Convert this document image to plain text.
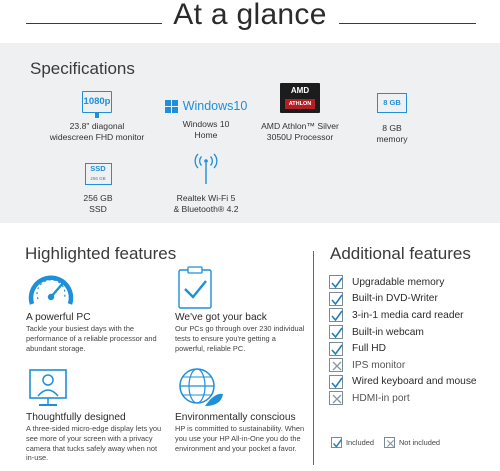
At a glance
Specifications
1080p
23.8" diagonal
widescreen FHD monitor
Windows10
Windows 10
Home
AMD
ATHLON
AMD Athlon™ Silver
3050U Processor
8 GB
8 GB
memory
SSD
256 GB
256 GB
SSD
Realtek Wi-Fi 5
& Bluetooth® 4.2
Highlighted features
A powerful PC
Tackle your busiest days with the performance of a reliable processor and abundant storage.
We've got your back
Our PCs go through over 230 individual tests to ensure you're getting a powerful, reliable PC.
Thoughtfully designed
A three-sided micro-edge display lets you see more of your screen with a privacy camera that tucks safely away when not in-use.
Environmentally conscious
HP is committed to sustainability. When you use your HP All-in-One you do the environment and your pocket a favor.
Additional features
Upgradable memory
Built-in DVD-Writer
3-in-1 media card reader
Built-in webcam
Full HD
IPS monitor
Wired keyboard and mouse
HDMI-in port
Included	Not included
